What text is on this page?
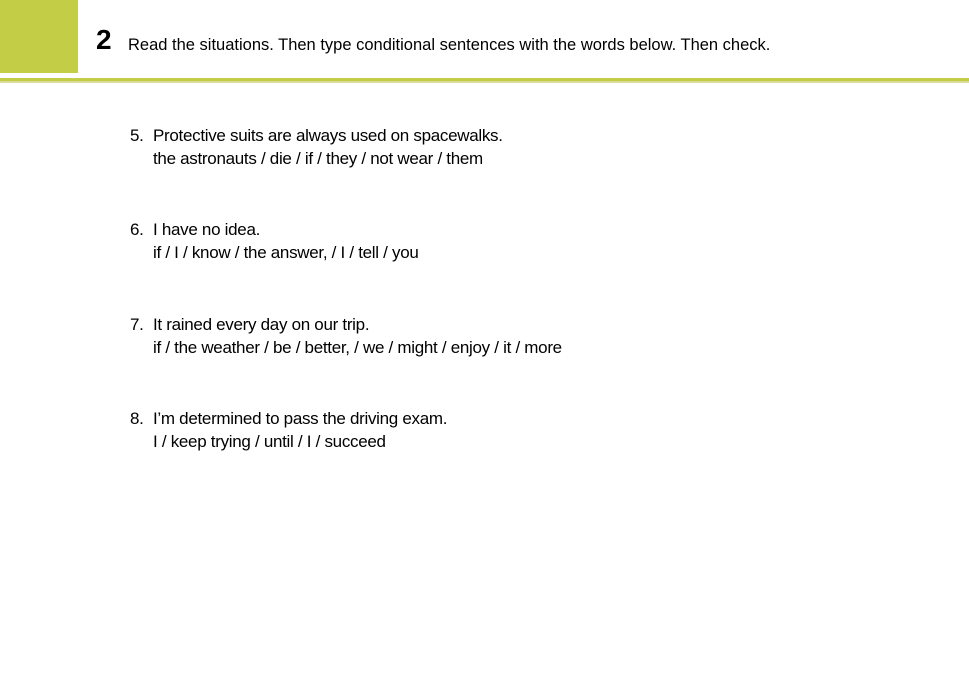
2 Read the situations. Then type conditional sentences with the words below. Then check.
5. Protective suits are always used on spacewalks.
the astronauts / die / if / they / not wear / them
6. I have no idea.
if / I / know / the answer, / I / tell / you
7. It rained every day on our trip.
if / the weather / be / better, / we / might / enjoy / it / more
8. I’m determined to pass the driving exam.
I / keep trying / until / I / succeed
